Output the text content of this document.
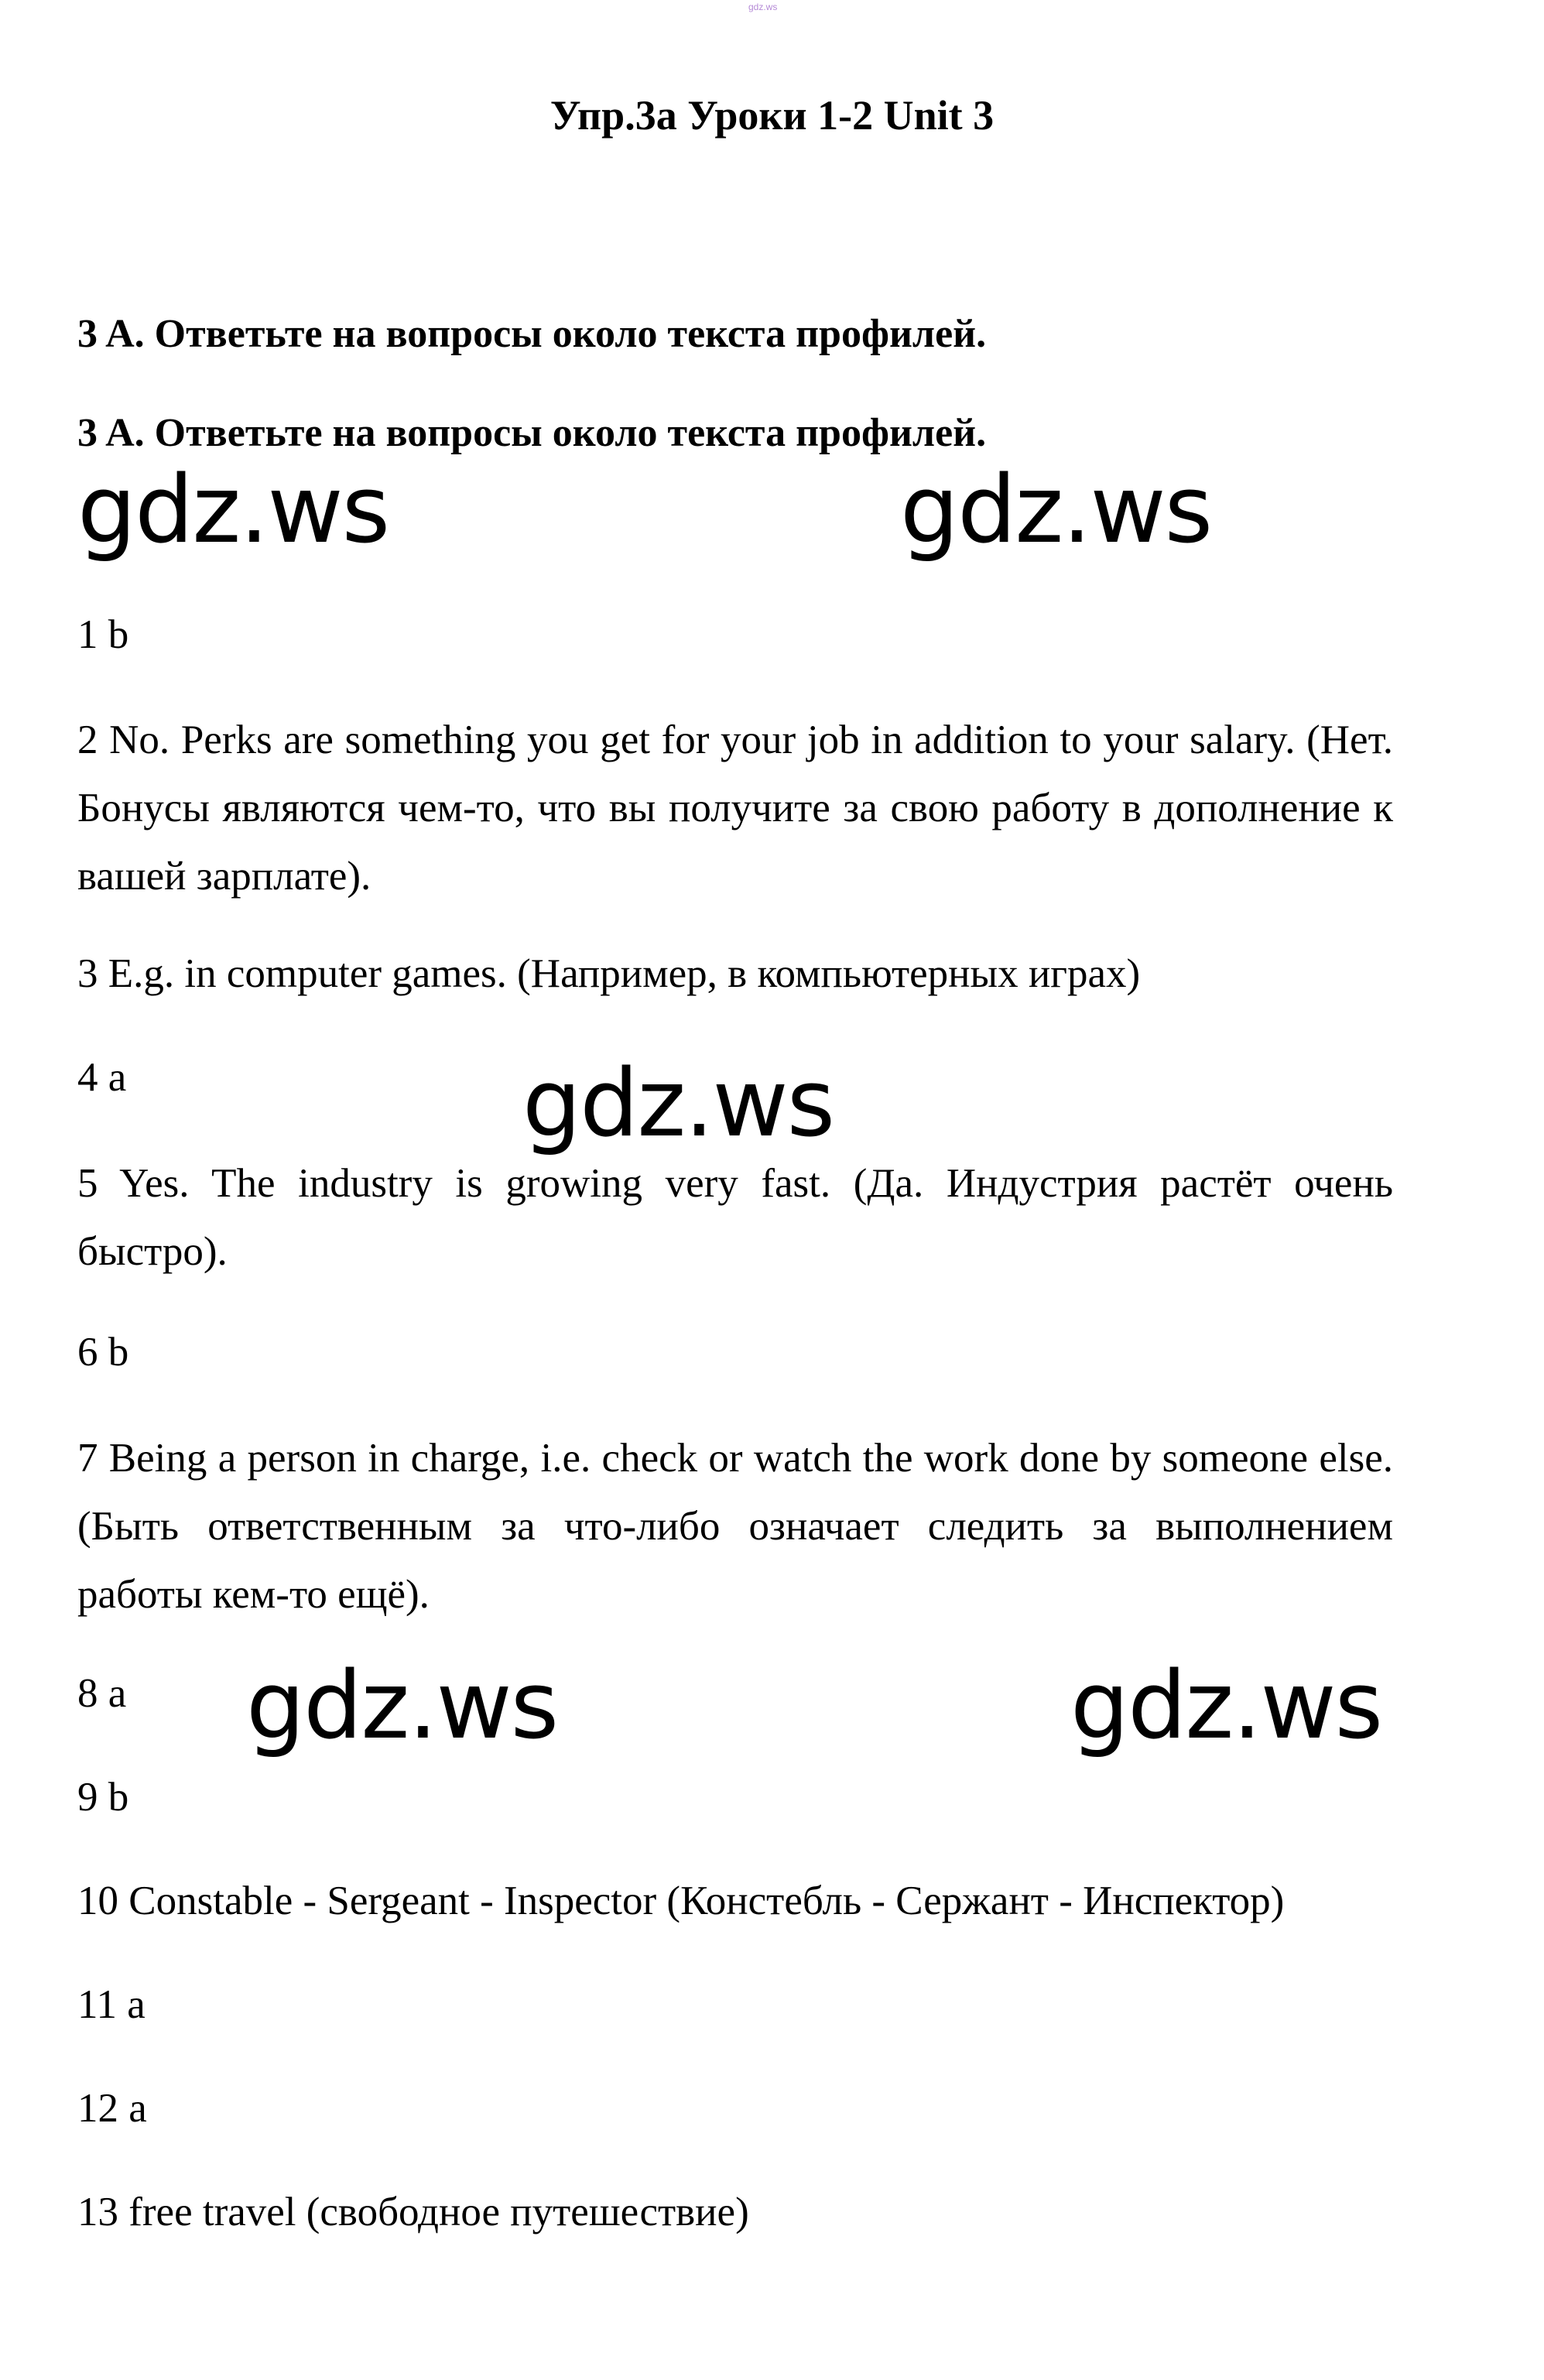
gdz.ws
Упр.3a Уроки 1-2 Unit 3
3 A. Ответьте на вопросы около текста профилей.
3 A. Ответьте на вопросы около текста профилей.
gdz.ws	gdz.ws
1 b
2 No. Perks are something you get for your job in addition to your salary. (Нет. Бонусы являются чем-то, что вы получите за свою работу в дополнение к вашей зарплате).
3 E.g. in computer games. (Например, в компьютерных играх)
4 a	gdz.ws
5 Yes. The industry is growing very fast. (Да. Индустрия растёт очень быстро).
6 b
7 Being a person in charge, i.e. check or watch the work done by someone else. (Быть ответственным за что-либо означает следить за выполнением работы кем-то ещё).
8 a gdz.ws	gdz.ws
9 b
10 Constable - Sergeant - Inspector (Констебль - Сержант - Инспектор)
11 a
12 a
13 free travel (свободное путешествие)
